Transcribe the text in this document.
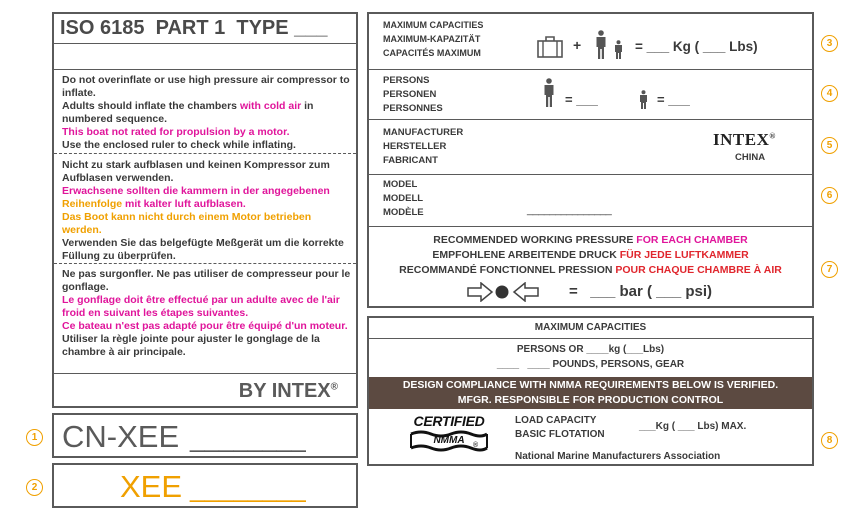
ISO 6185  PART 1  TYPE ___
Do not overinflate or use high pressure air compressor to inflate.
Adults should inflate the chambers with cold air in numbered sequence.
This boat not rated for propulsion by a motor.
Use the enclosed ruler to check while inflating.
Nicht zu stark aufblasen und keinen Kompressor zum Aufblasen verwenden.
Erwachsene sollten die kammern in der angegebenen Reihenfolge mit kalter luft aufblasen.
Das Boot kann nicht durch einem Motor betrieben werden.
Verwenden Sie das belgefügte Meßgerät um die korrekte Füllung zu überprüfen.
Ne pas surgonfler. Ne pas utiliser de compresseur pour le gonflage.
Le gonflage doit être effectué par un adulte avec de l'air froid en suivant les étapes suivantes.
Ce bateau n'est pas adapté pour être équipé d'un moteur.
Utiliser la règle jointe pour ajuster le gonglage de la chambre à air principale.
BY INTEX®
1 CN-XEE ________
2	XEE ________
MAXIMUM CAPACITIES
MAXIMUM-KAPAZITÄT
CAPACITÉS MAXIMUM	+	= ___ Kg ( ___ Lbs)
PERSONS
PERSONEN
PERSONNES
= ___	= ___
MANUFACTURER
HERSTELLER
FABRICANT
INTEX®
CHINA
MODEL
MODELL
MODÈLE	_______________
RECOMMENDED WORKING PRESSURE FOR EACH CHAMBER
EMPFOHLENE ARBEITENDE DRUCK FÜR JEDE LUFTKAMMER
RECOMMANDÉ FONCTIONNEL PRESSION POUR CHAQUE CHAMBRE À AIR
=   ___ bar ( ___ psi)
3
4
5
6
7
MAXIMUM CAPACITIES
PERSONS OR ____kg (___Lbs)
____   ____ POUNDS, PERSONS, GEAR
DESIGN COMPLIANCE WITH NMMA REQUIREMENTS BELOW IS VERIFIED.
MFGR. RESPONSIBLE FOR PRODUCTION CONTROL
CERTIFIED
NMMA	®
LOAD CAPACITY
BASIC FLOTATION
___Kg ( ___ Lbs) MAX.
National Marine Manufacturers Association
8
